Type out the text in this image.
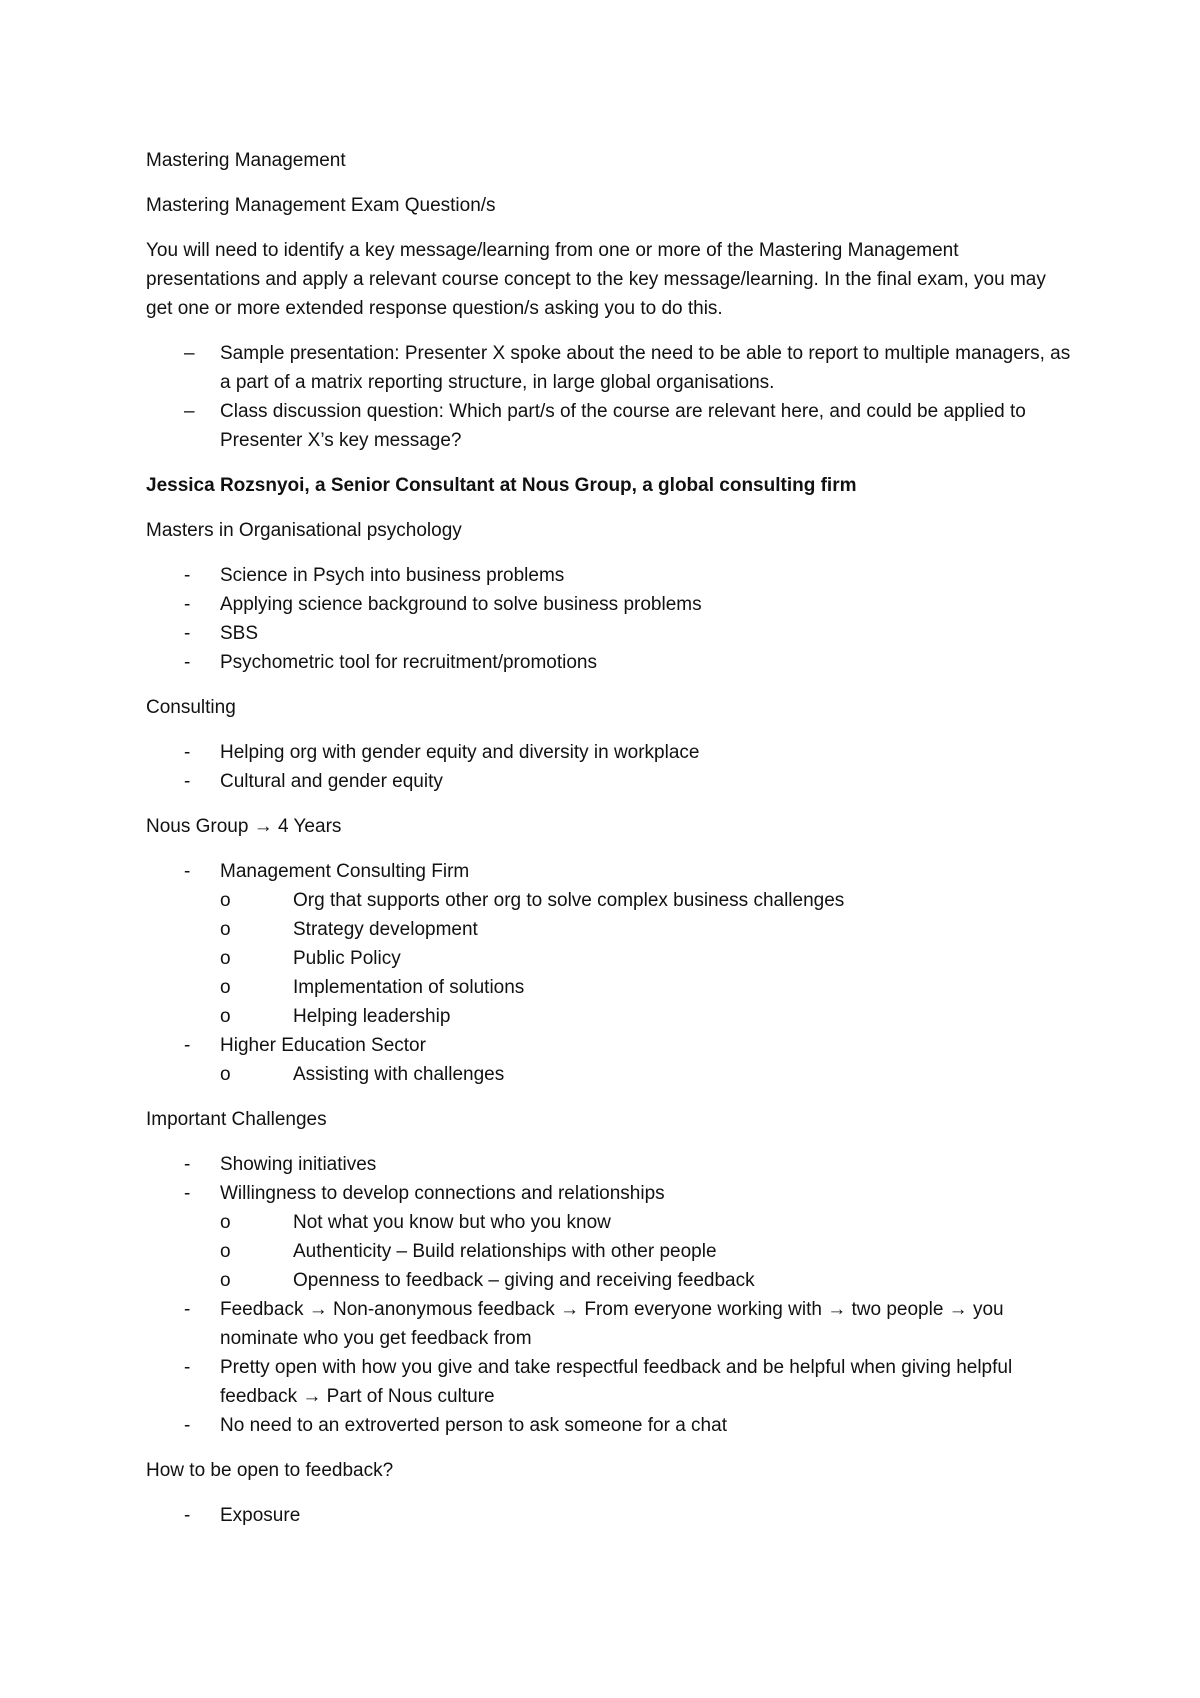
Mastering Management

Mastering Management Exam Question/s

You will need to identify a key message/learning from one or more of the Mastering Management presentations and apply a relevant course concept to the key message/learning. In the final exam, you may get one or more extended response question/s asking you to do this.

– Sample presentation: Presenter X spoke about the need to be able to report to multiple managers, as a part of a matrix reporting structure, in large global organisations.
– Class discussion question: Which part/s of the course are relevant here, and could be applied to Presenter X’s key message?

Jessica Rozsnyoi, a Senior Consultant at Nous Group, a global consulting firm

Masters in Organisational psychology

- Science in Psych into business problems
- Applying science background to solve business problems
- SBS
- Psychometric tool for recruitment/promotions

Consulting

- Helping org with gender equity and diversity in workplace
- Cultural and gender equity

Nous Group → 4 Years

- Management Consulting Firm
o	Org that supports other org to solve complex business challenges
o	Strategy development
o	Public Policy
o	Implementation of solutions
o	Helping leadership
- Higher Education Sector
o	Assisting with challenges

Important Challenges

- Showing initiatives
- Willingness to develop connections and relationships
o	Not what you know but who you know
o	Authenticity – Build relationships with other people
o	Openness to feedback – giving and receiving feedback
- Feedback → Non-anonymous feedback → From everyone working with → two people → you nominate who you get feedback from
- Pretty open with how you give and take respectful feedback and be helpful when giving helpful feedback → Part of Nous culture
- No need to an extroverted person to ask someone for a chat

How to be open to feedback?

- Exposure
